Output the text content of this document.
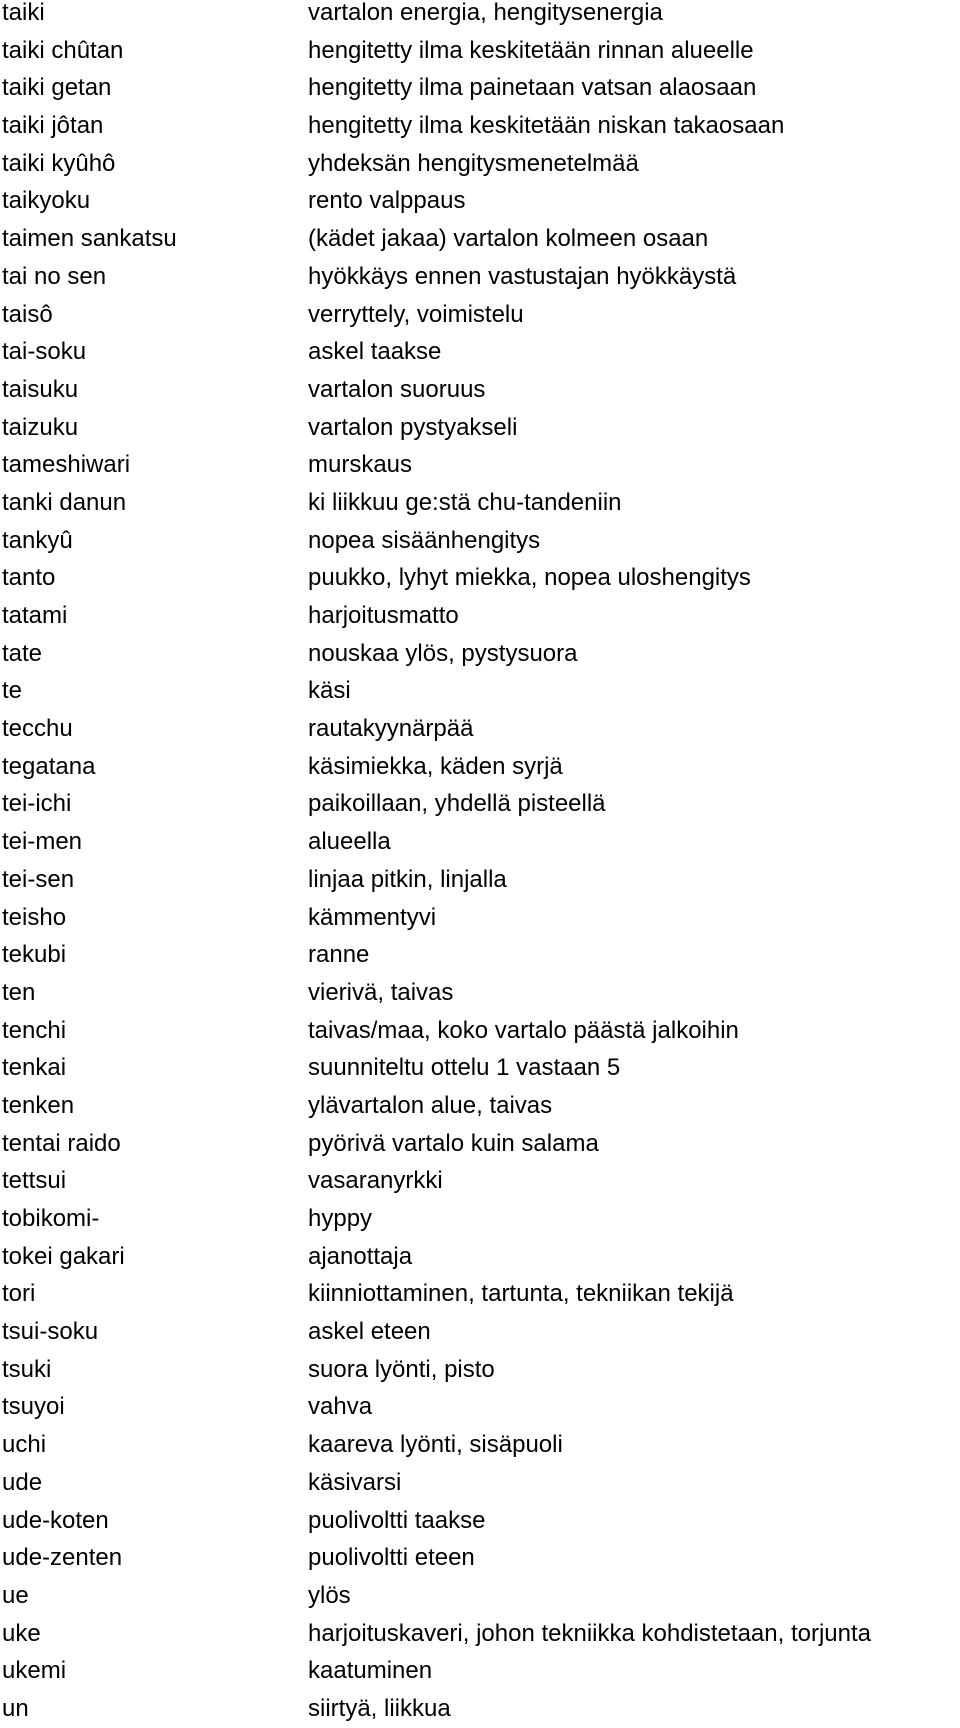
taiki	vartalon energia, hengitysenergia
taiki chûtan	hengitetty ilma keskitetään rinnan alueelle
taiki getan	hengitetty ilma painetaan vatsan alaosaan
taiki jôtan	hengitetty ilma keskitetään niskan takaosaan
taiki kyûhô	yhdeksän hengitysmenetelmää
taikyoku	rento valppaus
taimen sankatsu	(kädet jakaa) vartalon kolmeen osaan
tai no sen	hyökkäys ennen vastustajan hyökkäystä
taisô	verryttely, voimistelu
tai-soku	askel taakse
taisuku	vartalon suoruus
taizuku	vartalon pystyakseli
tameshiwari	murskaus
tanki danun	ki liikkuu ge:stä chu-tandeniin
tankyû	nopea sisäänhengitys
tanto	puukko, lyhyt miekka, nopea uloshengitys
tatami	harjoitusmatto
tate	nouskaa ylös, pystysuora
te	käsi
tecchu	rautakyynärpää
tegatana	käsimiekka, käden syrjä
tei-ichi	paikoillaan, yhdellä pisteellä
tei-men	alueella
tei-sen	linjaa pitkin, linjalla
teisho	kämmentyvi
tekubi	ranne
ten	vierivä, taivas
tenchi	taivas/maa, koko vartalo päästä jalkoihin
tenkai	suunniteltu ottelu 1 vastaan 5
tenken	ylävartalon alue, taivas
tentai raido	pyörivä vartalo kuin salama
tettsui	vasaranyrkki
tobikomi-	hyppy
tokei gakari	ajanottaja
tori	kiinniottaminen, tartunta, tekniikan tekijä
tsui-soku	askel eteen
tsuki	suora lyönti, pisto
tsuyoi	vahva
uchi	kaareva lyönti, sisäpuoli
ude	käsivarsi
ude-koten	puolivoltti taakse
ude-zenten	puolivoltti eteen
ue	ylös
uke	harjoituskaveri, johon tekniikka kohdistetaan, torjunta
ukemi	kaatuminen
un	siirtyä, liikkua
